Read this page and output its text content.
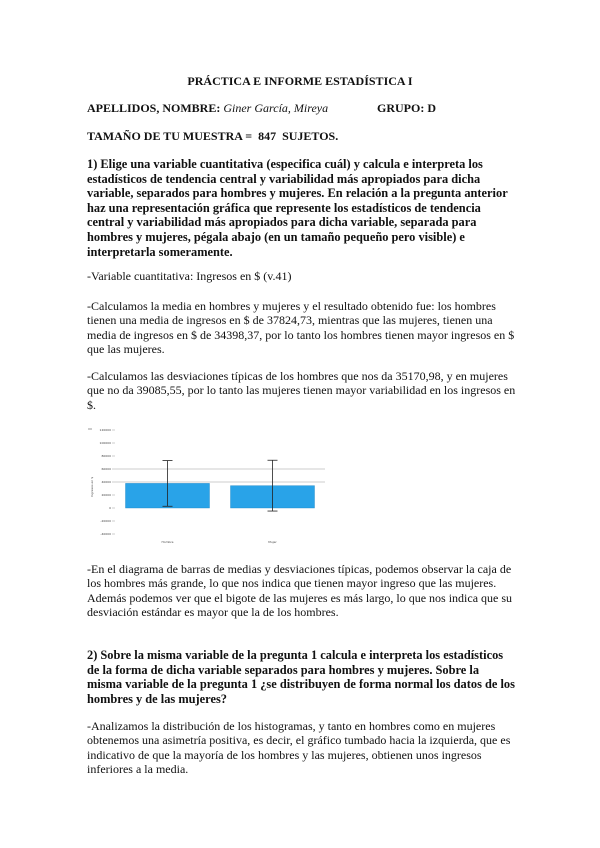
PRÁCTICA E INFORME ESTADÍSTICA I
APELLIDOS, NOMBRE: Giner García, Mireya	GRUPO: D
TAMAÑO DE TU MUESTRA = 847 SUJETOS.
1) Elige una variable cuantitativa (especifica cuál) y calcula e interpreta los estadísticos de tendencia central y variabilidad más apropiados para dicha variable, separados para hombres y mujeres. En relación a la pregunta anterior haz una representación gráfica que represente los estadísticos de tendencia central y variabilidad más apropiados para dicha variable, separada para hombres y mujeres, pégala abajo (en un tamaño pequeño pero visible) e interpretarla someramente.
-Variable cuantitativa: Ingresos en $ (v.41)
-Calculamos la media en hombres y mujeres y el resultado obtenido fue: los hombres tienen una media de ingresos en $ de 37824,73, mientras que las mujeres, tienen una media de ingresos en $ de 34398,37, por lo tanto los hombres tienen mayor ingresos en $ que las mujeres.
-Calculamos las desviaciones típicas de los hombres que nos da 35170,98, y en mujeres que no da 39085,55, por lo tanto las mujeres tienen mayor variabilidad en los ingresos en $.
-40000
-20000
0
20000
40000
60000
80000
100000
120000
Hombre	Mujer
Ingresos en $
-En el diagrama de barras de medias y desviaciones típicas, podemos observar la caja de los hombres más grande, lo que nos indica que tienen mayor ingreso que las mujeres. Además podemos ver que el bigote de las mujeres es más largo, lo que nos indica que su desviación estándar es mayor que la de los hombres.
2) Sobre la misma variable de la pregunta 1 calcula e interpreta los estadísticos de la forma de dicha variable separados para hombres y mujeres. Sobre la misma variable de la pregunta 1 ¿se distribuyen de forma normal los datos de los hombres y de las mujeres?
-Analizamos la distribución de los histogramas, y tanto en hombres como en mujeres obtenemos una asimetría positiva, es decir, el gráfico tumbado hacia la izquierda, que es indicativo de que la mayoría de los hombres y las mujeres, obtienen unos ingresos inferiores a la media.
